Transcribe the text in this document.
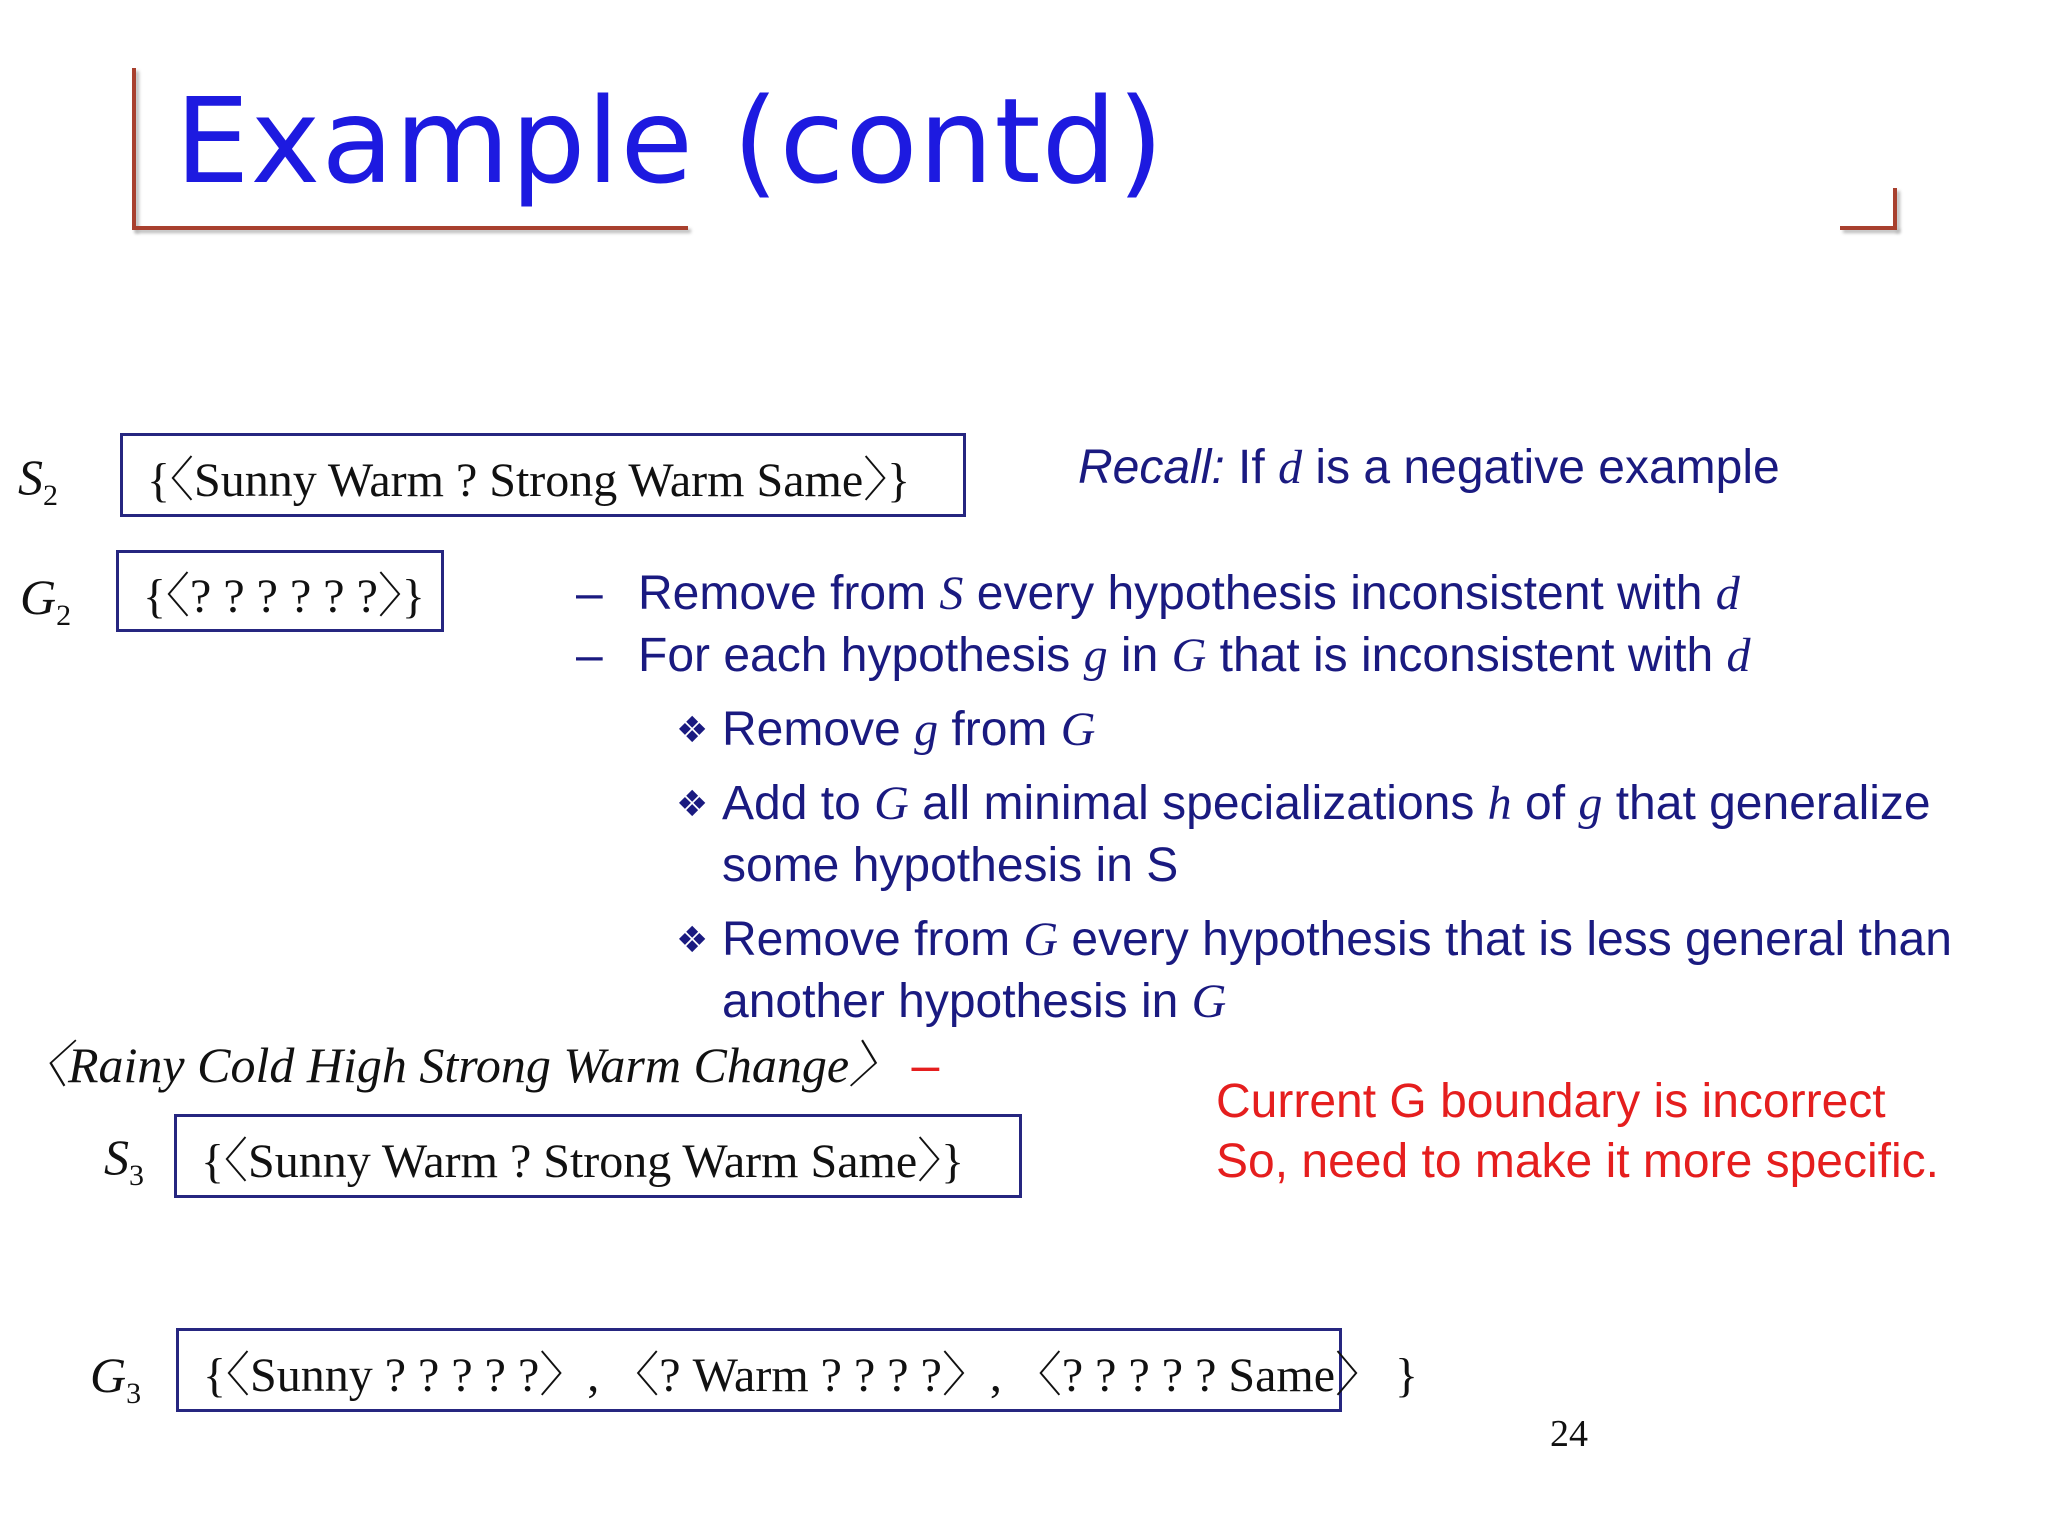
Example (contd)
$S_2$	{〈Sunny Warm ? Strong Warm Same〉}
$G_2$	{〈? ? ? ? ? ?〉}
Recall: If d is a negative example
– Remove from S every hypothesis inconsistent with d
– For each hypothesis g in G that is inconsistent with d
❖ Remove g from G
❖ Add to G all minimal specializations h of g that generalize
some hypothesis in S
❖ Remove from G every hypothesis that is less general than
another hypothesis in G
〈Rainy Cold High Strong Warm Change〉 –
$S_3$	{〈Sunny Warm ? Strong Warm Same〉}
Current G boundary is incorrect
So, need to make it more specific.
$G_3$	{〈Sunny ? ? ? ? ?〉, 〈? Warm ? ? ? ?〉, 〈? ? ? ? ? Same〉 }
24
